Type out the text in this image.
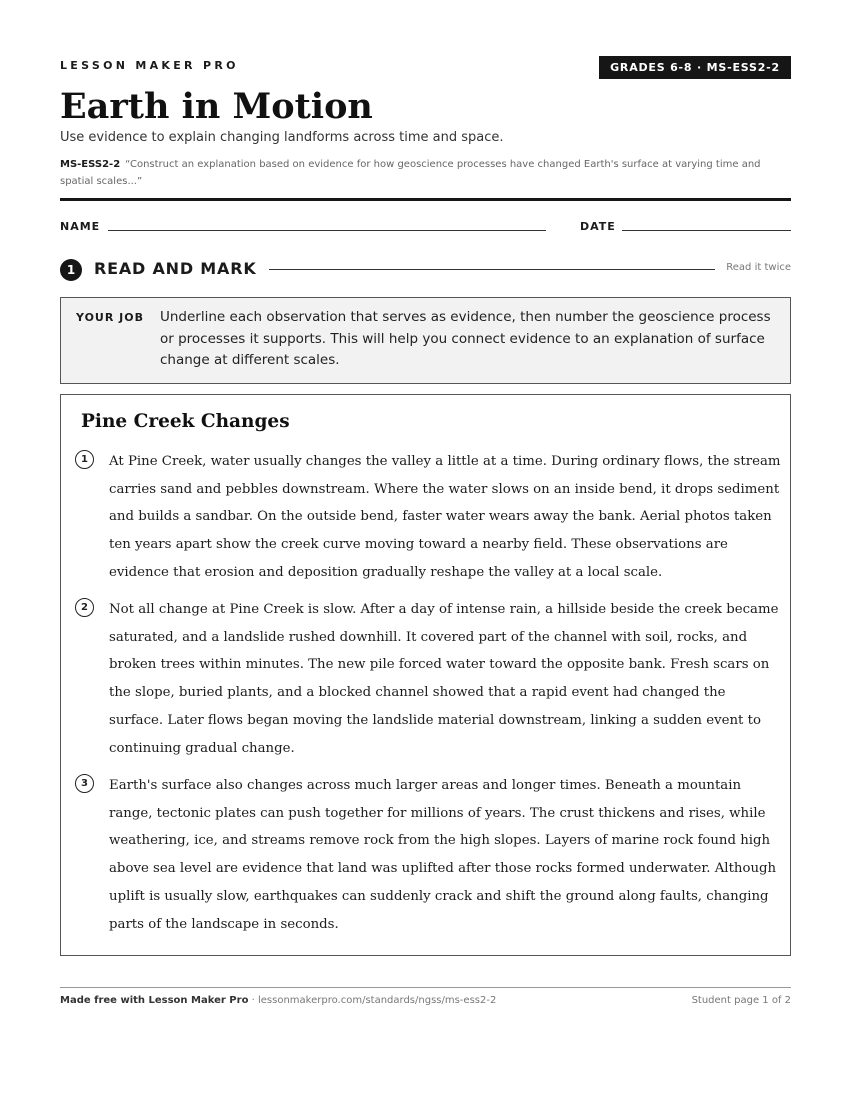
LESSON MAKER PRO	GRADES 6-8 · MS-ESS2-2
Earth in Motion
Use evidence to explain changing landforms across time and space.
MS-ESS2-2 “Construct an explanation based on evidence for how geoscience processes have changed Earth's surface at varying time and spatial scales...”
NAME	DATE
1	READ AND MARK	Read it twice
YOUR JOB Underline each observation that serves as evidence, then number the geoscience process or processes it supports. This will help you connect evidence to an explanation of surface change at different scales.
Pine Creek Changes
1	At Pine Creek, water usually changes the valley a little at a time. During ordinary flows, the stream carries sand and pebbles downstream. Where the water slows on an inside bend, it drops sediment and builds a sandbar. On the outside bend, faster water wears away the bank. Aerial photos taken ten years apart show the creek curve moving toward a nearby field. These observations are evidence that erosion and deposition gradually reshape the valley at a local scale.
2	Not all change at Pine Creek is slow. After a day of intense rain, a hillside beside the creek became saturated, and a landslide rushed downhill. It covered part of the channel with soil, rocks, and broken trees within minutes. The new pile forced water toward the opposite bank. Fresh scars on the slope, buried plants, and a blocked channel showed that a rapid event had changed the surface. Later flows began moving the landslide material downstream, linking a sudden event to continuing gradual change.
3	Earth's surface also changes across much larger areas and longer times. Beneath a mountain range, tectonic plates can push together for millions of years. The crust thickens and rises, while weathering, ice, and streams remove rock from the high slopes. Layers of marine rock found high above sea level are evidence that land was uplifted after those rocks formed underwater. Although uplift is usually slow, earthquakes can suddenly crack and shift the ground along faults, changing parts of the landscape in seconds.
Made free with Lesson Maker Pro · lessonmakerpro.com/standards/ngss/ms-ess2-2	Student page 1 of 2
